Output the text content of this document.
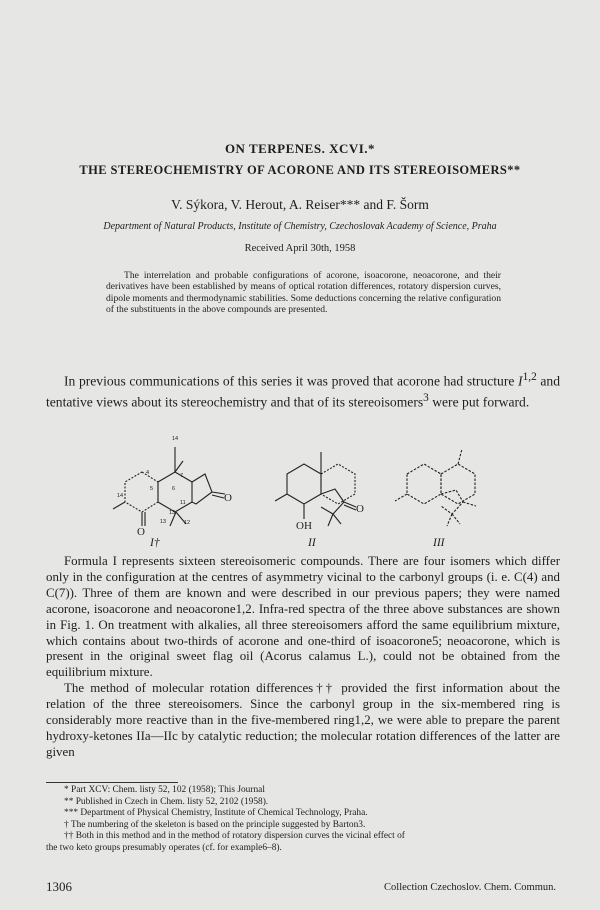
ON TERPENES. XCVI.*
THE STEREOCHEMISTRY OF ACORONE AND ITS STEREOISOMERS**
V. Sýkora, V. Herout, A. Reiser*** and F. Šorm
Department of Natural Products, Institute of Chemistry, Czechoslovak Academy of Science, Praha
Received April 30th, 1958
The interrelation and probable configurations of acorone, isoacorone, neoacorone, and their derivatives have been established by means of optical rotation differences, rotatory dispersion curves, dipole moments and thermodynamic stabilities. Some deductions concerning the relative configuration of the substituents in the above compounds are presented.
In previous communications of this series it was proved that acorone had structure I$^{1,2}$ and tentative views about its stereochemistry and that of its stereoisomers$^3$ were put forward.
14
7
4
5	6
11
14
13
13	12
O
O
O
OH
I†	II	III

Formula I represents sixteen stereoisomeric compounds. There are four isomers which differ only in the configuration at the centres of asymmetry vicinal to the carbonyl groups (i. e. C(4) and C(7)). Three of them are known and were described in our previous papers; they were named acorone, isoacorone and neoacorone1,2. Infra-red spectra of the three above substances are shown in Fig. 1. On treatment with alkalies, all three stereoisomers afford the same equilibrium mixture, which contains about two-thirds of acorone and one-third of isoacorone5; neoacorone, which is present in the original sweet flag oil (Acorus calamus L.), could not be obtained from the equilibrium mixture.

The method of molecular rotation differences†† provided the first information about the relation of the three stereoisomers. Since the carbonyl group in the six-membered ring is considerably more reactive than in the five-membered ring1,2, we were able to prepare the parent hydroxy-ketones IIa—IIc by catalytic reduction; the molecular rotation differences of the latter are given

* Part XCV: Chem. listy 52, 102 (1958); This Journal
** Published in Czech in Chem. listy 52, 2102 (1958).
*** Department of Physical Chemistry, Institute of Chemical Technology, Praha.
† The numbering of the skeleton is based on the principle suggested by Barton3.
†† Both in this method and in the method of rotatory dispersion curves the vicinal effect of
the two keto groups presumably operates (cf. for example6–8).
1306	Collection Czechoslov. Chem. Commun.
